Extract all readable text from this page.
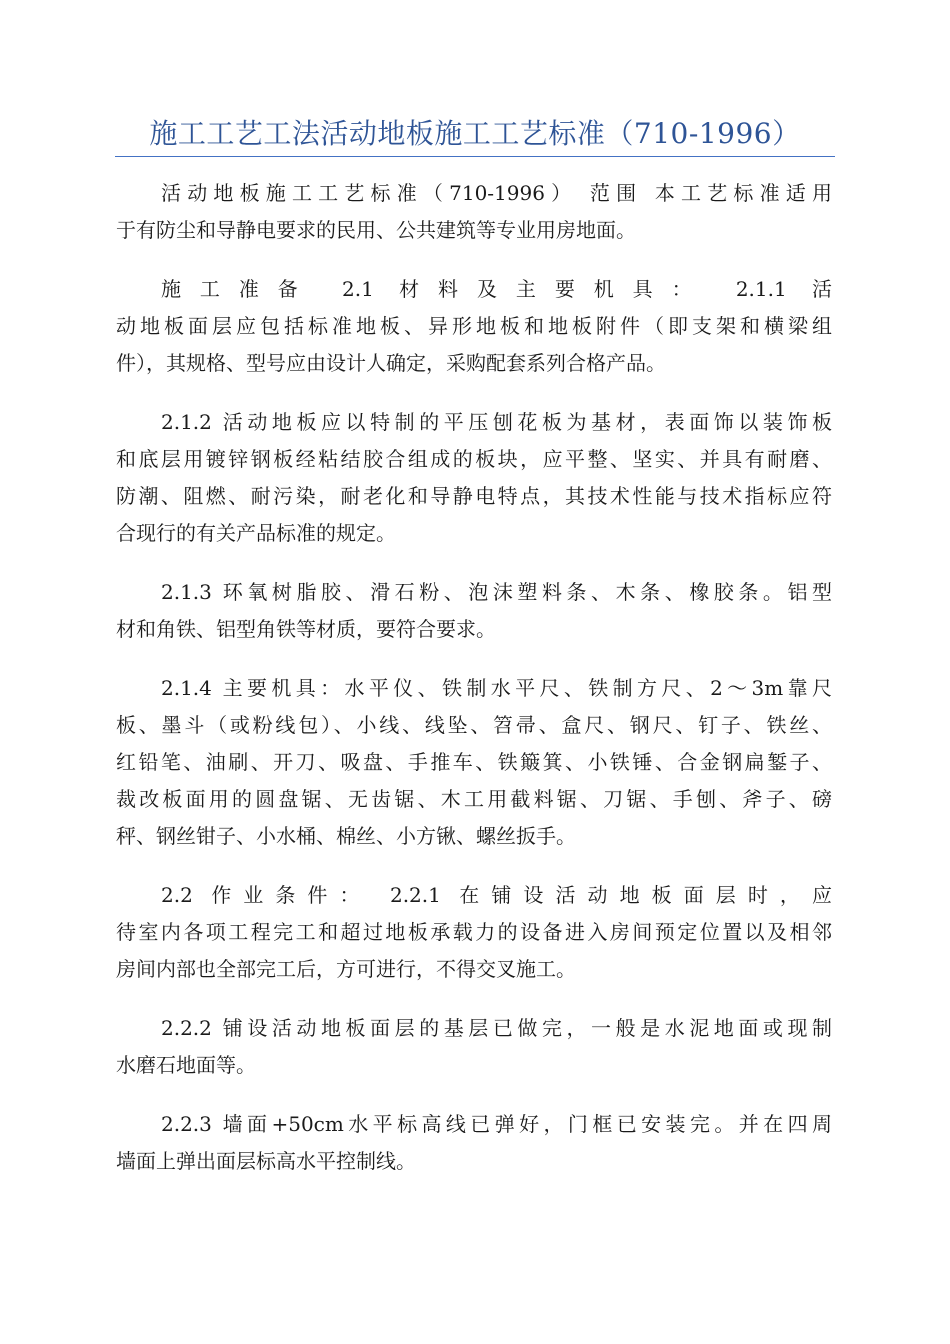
施工工艺工法活动地板施工工艺标准（710-1996）
活动地板施工工艺标准（710-1996） 范围 本工艺标准适用
于有防尘和导静电要求的民用、公共建筑等专业用房地面。
施工准备 2.1 材料及主要机具： 2.1.1 活
动地板面层应包括标准地板、异形地板和地板附件（即支架和横梁组
件），其规格、型号应由设计人确定，采购配套系列合格产品。
2.1.2 活动地板应以特制的平压刨花板为基材，表面饰以装饰板
和底层用镀锌钢板经粘结胶合组成的板块，应平整、坚实、并具有耐磨、
防潮、阻燃、耐污染，耐老化和导静电特点，其技术性能与技术指标应符
合现行的有关产品标准的规定。
2.1.3 环氧树脂胶、滑石粉、泡沫塑料条、木条、橡胶条。铝型
材和角铁、铝型角铁等材质，要符合要求。
2.1.4 主要机具：水平仪、铁制水平尺、铁制方尺、2～3m靠尺
板、墨斗（或粉线包）、小线、线坠、笤帚、盒尺、钢尺、钉子、铁丝、
红铅笔、油刷、开刀、吸盘、手推车、铁簸箕、小铁锤、合金钢扁錾子、
裁改板面用的圆盘锯、无齿锯、木工用截料锯、刀锯、手刨、斧子、磅
秤、钢丝钳子、小水桶、棉丝、小方锹、螺丝扳手。
2.2 作业条件： 2.2.1 在铺设活动地板面层时，应
待室内各项工程完工和超过地板承载力的设备进入房间预定位置以及相邻
房间内部也全部完工后，方可进行，不得交叉施工。
2.2.2 铺设活动地板面层的基层已做完，一般是水泥地面或现制
水磨石地面等。
2.2.3 墙面+50cm水平标高线已弹好，门框已安装完。并在四周
墙面上弹出面层标高水平控制线。
